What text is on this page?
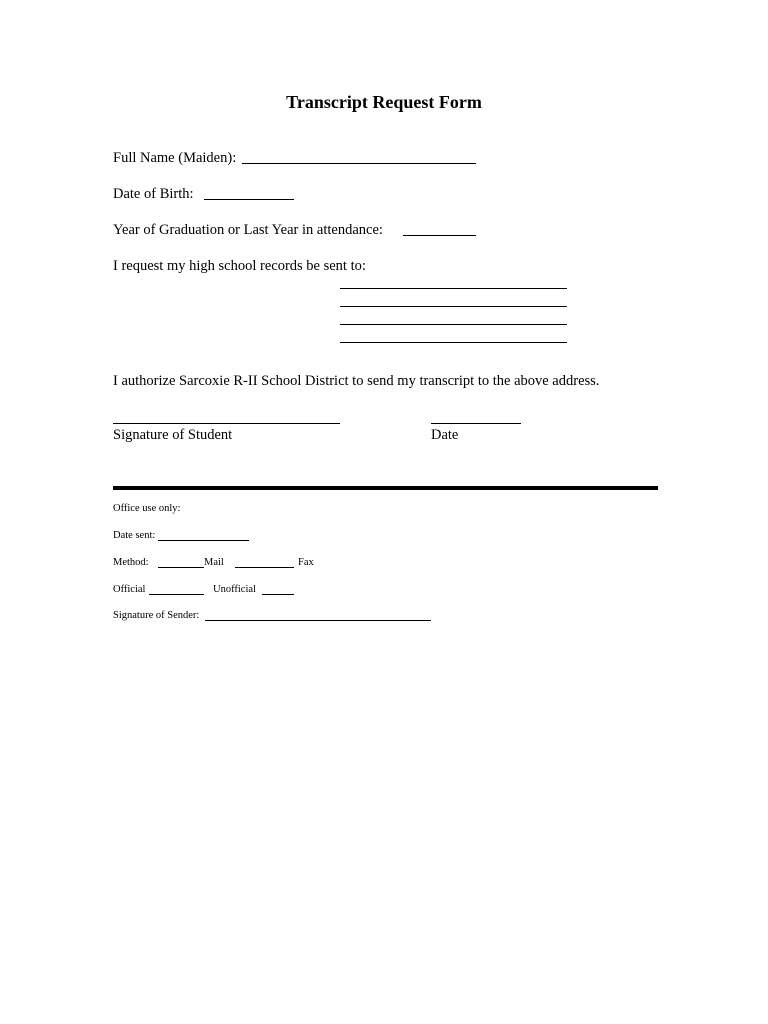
Transcript Request Form
Full Name (Maiden):
Date of Birth:
Year of Graduation or Last Year in attendance:
I request my high school records be sent to:
I authorize Sarcoxie R-II School District to send my transcript to the above address.
Signature of Student	Date
Office use only:
Date sent:
Method:	Mail	Fax
Official	Unofficial
Signature of Sender:
